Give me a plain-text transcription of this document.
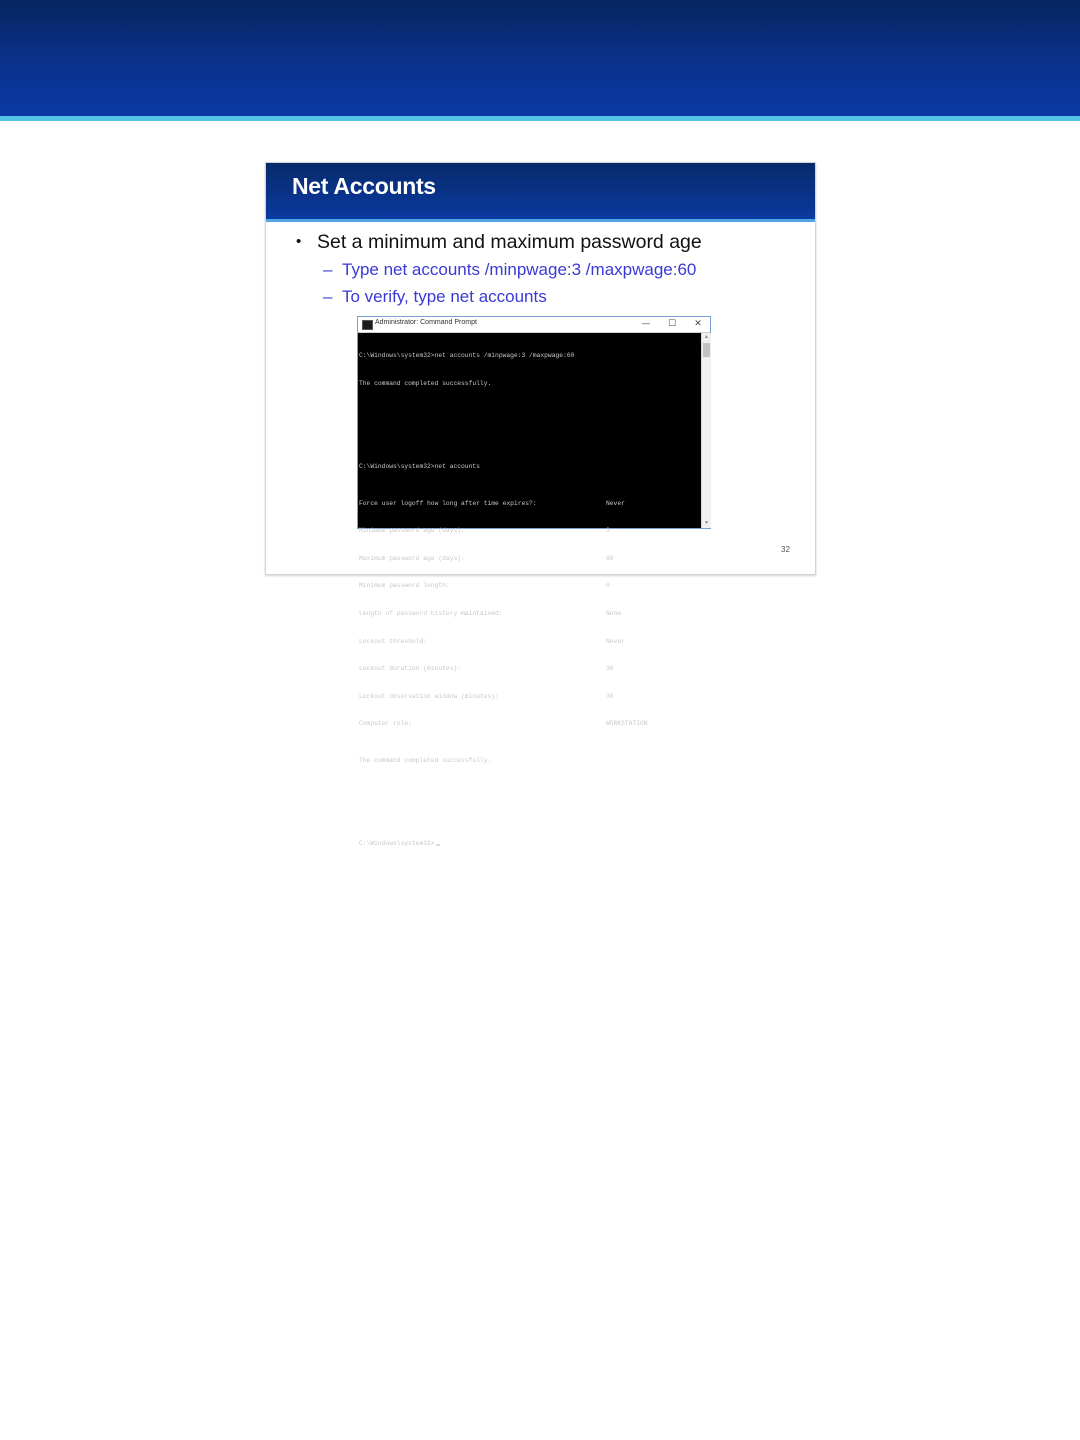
Net Accounts
• Set a minimum and maximum password age
– Type net accounts /minpwage:3 /maxpwage:60
– To verify, type net accounts
Administrator: Command Prompt	—	☐	✕

C:\Windows\system32>net accounts /minpwage:3 /maxpwage:60

The command completed successfully.

C:\Windows\system32>net accounts

Force user logoff how long after time expires?:	Never

Minimum password age (days):	3

Maximum password age (days):	60

Minimum password length:	0

Length of password history maintained:	None

Lockout threshold:	Never

Lockout duration (minutes):	30

Lockout observation window (minutes):	30

Computer role:	WORKSTATION

The command completed successfully.

C:\Windows\system32>

▲
▼
32
